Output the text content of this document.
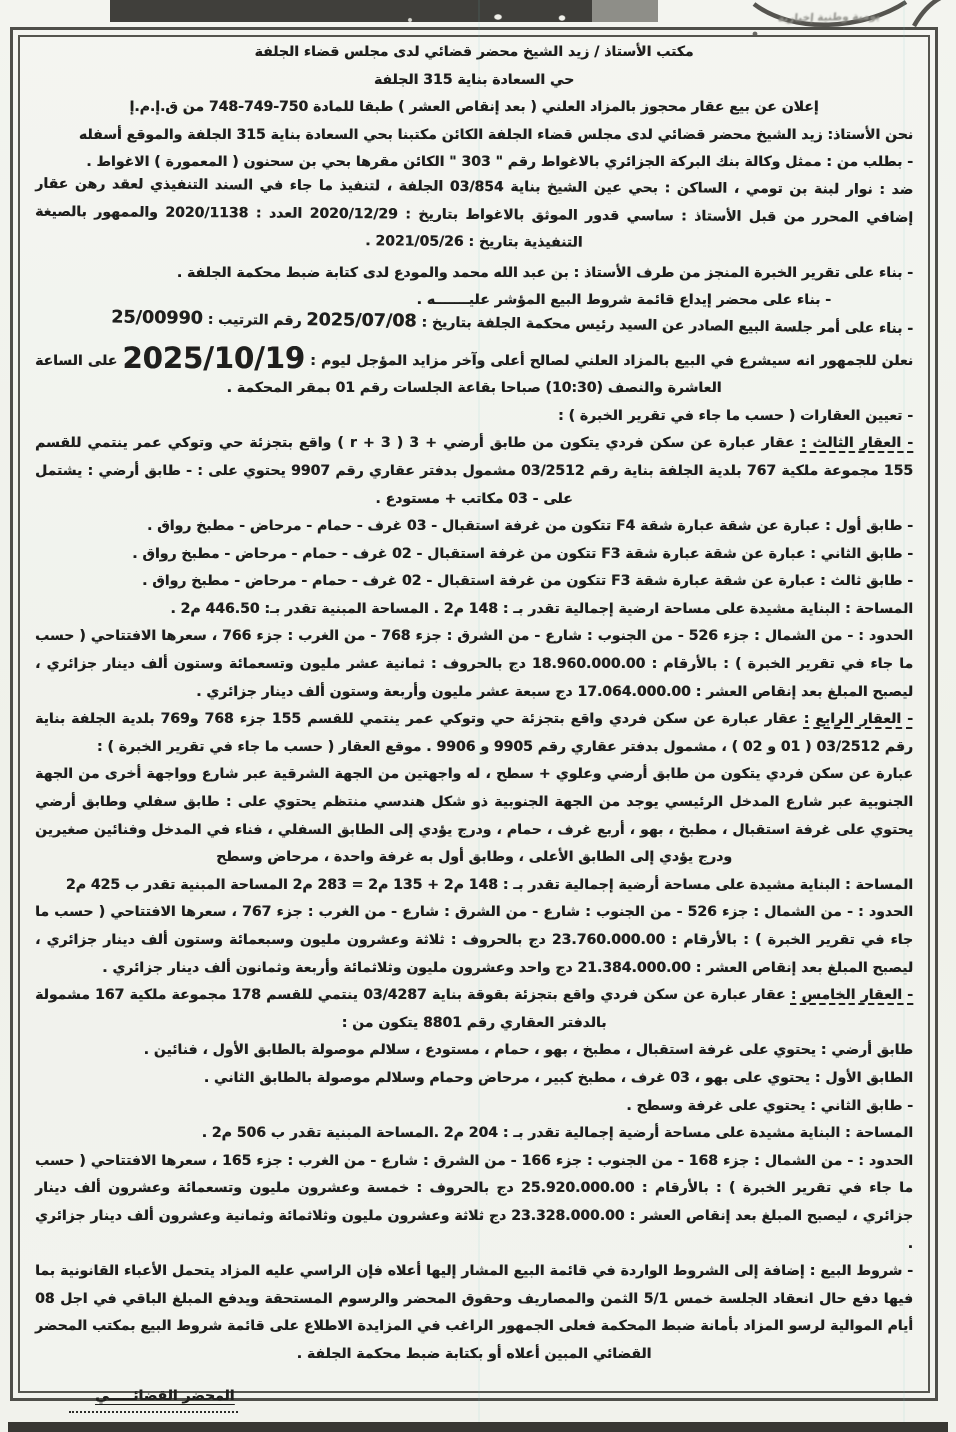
يومية وطنية إخبارية

مكتب الأستاذ / زيد الشيخ محضر قضائي لدى مجلس قضاء الجلفة

حي السعادة بناية 315 الجلفة

إعلان عن بيع عقار محجوز بالمزاد العلني ( بعد إنقاص العشر ) طبقا للمادة 750-749-748 من ق.إ.م.إ

نحن الأستاذ: زيد الشيخ محضر قضائي لدى مجلس قضاء الجلفة الكائن مكتبنا بحي السعادة بناية 315 الجلفة والموقع أسفله

- بطلب من : ممثل وكالة بنك البركة الجزائري بالاغواط رقم " 303 " الكائن مقرها بحي بن سحنون ( المعمورة ) الاغواط .

ضد : نوار لبنة بن تومي ، الساكن : بحي عين الشيخ بناية 03/854 الجلفة ، لتنفيذ ما جاء في السند التنفيذي لعقد رهن عقار إضافي المحرر من قبل الأستاذ : ساسي قدور الموثق بالاغواط بتاريخ : 2020/12/29 العدد : 2020/1138 والممهور بالصيغة التنفيذية بتاريخ : 2021/05/26 .

- بناء على تقرير الخبرة المنجز من طرف الأستاذ : بن عبد الله محمد والمودع لدى كتابة ضبط محكمة الجلفة .

- بناء على محضر إيداع قائمة شروط البيع المؤشر عليـــــــه .

- بناء على أمر جلسة البيع الصادر عن السيد رئيس محكمة الجلفة بتاريخ : 2025/07/08 رقم الترتيب : 25/00990

نعلن للجمهور انه سيشرع في البيع بالمزاد العلني لصالح أعلى وآخر مزايد المؤجل ليوم : 2025/10/19 على الساعة العاشرة والنصف (10:30) صباحا بقاعة الجلسات رقم 01 بمقر المحكمة .

- تعيين العقارات ( حسب ما جاء في تقرير الخبرة ) :

- العقار الثالث : عقار عبارة عن سكن فردي يتكون من طابق أرضي + 3 ( r + 3 ) واقع بتجزئة حي وتوكي عمر ينتمي للقسم 155 مجموعة ملكية 767 بلدية الجلفة بناية رقم 03/2512 مشمول بدفتر عقاري رقم 9907 يحتوي على : - طابق أرضي : يشتمل على - 03 مكاتب + مستودع .

- طابق أول : عبارة عن شقة عبارة شقة F4 تتكون من غرفة استقبال - 03 غرف - حمام - مرحاض - مطبخ رواق .

- طابق الثاني : عبارة عن شقة عبارة شقة F3 تتكون من غرفة استقبال - 02 غرف - حمام - مرحاض - مطبخ رواق .

- طابق ثالث : عبارة عن شقة عبارة شقة F3 تتكون من غرفة استقبال - 02 غرف - حمام - مرحاض - مطبخ رواق .

المساحة : البناية مشيدة على مساحة ارضية إجمالية تقدر بـ : 148 م2 . المساحة المبنية تقدر بـ: 446.50 م2 .

الحدود : - من الشمال : جزء 526 - من الجنوب : شارع - من الشرق : جزء 768 - من الغرب : جزء 766 ، سعرها الافتتاحي ( حسب ما جاء في تقرير الخبرة ) : بالأرقام : 18.960.000.00 دج بالحروف : ثمانية عشر مليون وتسعمائة وستون ألف دينار جزائري ، ليصبح المبلغ بعد إنقاص العشر : 17.064.000.00 دج سبعة عشر مليون وأربعة وستون ألف دينار جزائري .

- العقار الرابع : عقار عبارة عن سكن فردي واقع بتجزئة حي وتوكي عمر ينتمي للقسم 155 جزء 768 و769 بلدية الجلفة بناية رقم 03/2512 ( 01 و 02 ) ، مشمول بدفتر عقاري رقم 9905 و 9906 . موقع العقار ( حسب ما جاء في تقرير الخبرة ) :

عبارة عن سكن فردي يتكون من طابق أرضي وعلوي + سطح ، له واجهتين من الجهة الشرقية عبر شارع وواجهة أخرى من الجهة الجنوبية عبر شارع المدخل الرئيسي يوجد من الجهة الجنوبية ذو شكل هندسي منتظم يحتوي على : طابق سفلي وطابق أرضي يحتوي على غرفة استقبال ، مطبخ ، بهو ، أربع غرف ، حمام ، ودرج يؤدي إلى الطابق السفلي ، فناء في المدخل وفنائين صغيرين ودرج يؤدي إلى الطابق الأعلى ، وطابق أول به غرفة واحدة ، مرحاض وسطح

المساحة : البناية مشيدة على مساحة أرضية إجمالية تقدر بـ : 148 م2 + 135 م2 = 283 م2 المساحة المبنية تقدر ب 425 م2

الحدود : - من الشمال : جزء 526 - من الجنوب : شارع - من الشرق : شارع - من الغرب : جزء 767 ، سعرها الافتتاحي ( حسب ما جاء في تقرير الخبرة ) : بالأرقام : 23.760.000.00 دج بالحروف : ثلاثة وعشرون مليون وسبعمائة وستون ألف دينار جزائري ، ليصبح المبلغ بعد إنقاص العشر : 21.384.000.00 دج واحد وعشرون مليون وثلاثمائة وأربعة وثمانون ألف دينار جزائري .

- العقار الخامس : عقار عبارة عن سكن فردي واقع بتجزئة بقوقة بناية 03/4287 ينتمي للقسم 178 مجموعة ملكية 167 مشمولة بالدفتر العقاري رقم 8801 يتكون من :

طابق أرضي : يحتوي على غرفة استقبال ، مطبخ ، بهو ، حمام ، مستودع ، سلالم موصولة بالطابق الأول ، فنائين .

الطابق الأول : يحتوي على بهو ، 03 غرف ، مطبخ كبير ، مرحاض وحمام وسلالم موصولة بالطابق الثاني .

- طابق الثاني : يحتوي على غرفة وسطح .

المساحة : البناية مشيدة على مساحة أرضية إجمالية تقدر بـ : 204 م2 .المساحة المبنية تقدر ب 506 م2 .

الحدود : - من الشمال : جزء 168 - من الجنوب : جزء 166 - من الشرق : شارع - من الغرب : جزء 165 ، سعرها الافتتاحي ( حسب ما جاء في تقرير الخبرة ) : بالأرقام : 25.920.000.00 دج بالحروف : خمسة وعشرون مليون وتسعمائة وعشرون ألف دينار جزائري ، ليصبح المبلغ بعد إنقاص العشر : 23.328.000.00 دج ثلاثة وعشرون مليون وثلاثمائة وثمانية وعشرون ألف دينار جزائري .

- شروط البيع : إضافة إلى الشروط الواردة في قائمة البيع المشار إليها أعلاه فإن الراسي عليه المزاد يتحمل الأعباء القانونية بما فيها دفع حال انعقاد الجلسة خمس 5/1 الثمن والمصاريف وحقوق المحضر والرسوم المستحقة ويدفع المبلغ الباقي في اجل 08 أيام الموالية لرسو المزاد بأمانة ضبط المحكمة فعلى الجمهور الراغب في المزايدة الاطلاع على قائمة شروط البيع بمكتب المحضر القضائي المبين أعلاه أو بكتابة ضبط محكمة الجلفة .

المحضر القضائـــــي
